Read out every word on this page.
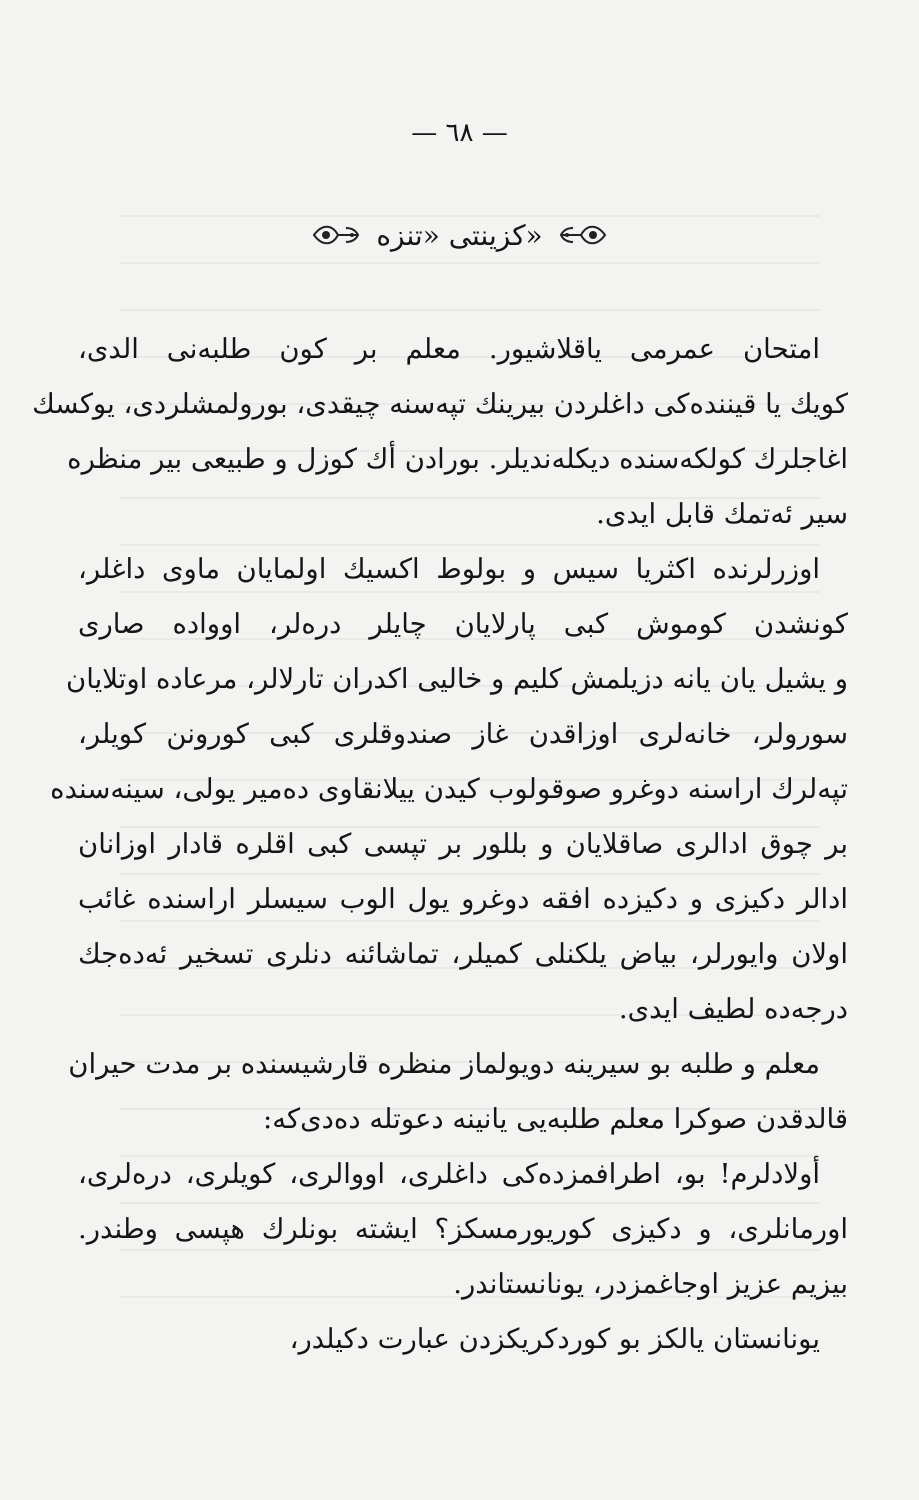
— ٦٨ —
كزينتى «تنزه»
امتحان عمرمى ياقلاشيور. معلم بر كون طلبه‌نى الدى،
كويك يا قيننده‌كى داغلردن بيرينك تپه‌سنه چيقدى، بورولمشلردى، يوكسك
اغاجلرك كولكه‌سنده ديكله‌نديلر. بورادن أك كوزل و طبيعى بير منظره
سير ئه‌تمك قابل ايدى.
اوزرلرنده اكثريا سيس و بولوط اكسيك اولمايان ماوى داغلر،
كونشدن كوموش كبى پارلايان چايلر دره‌لر، اوواده صارى
و يشيل يان يانه دزيلمش كليم و خاليى اكدران تارلالر، مرعاده اوتلايان
سورولر، خانه‌لرى اوزاقدن غاز صندوقلرى كبى كورونن كويلر،
تپه‌لرك اراسنه دوغرو صوقولوب كيدن ييلانقاوى ده‌مير يولى، سينه‌سنده
بر چوق ادالرى صاقلايان و بللور بر تپسى كبى اقلره قادار اوزانان
ادالر دكيزى و دكيزده افقه دوغرو يول الوب سيسلر اراسنده غائب
اولان وايورلر، بياض يلكنلى كميلر، تماشائنه دنلرى تسخير ئه‌ده‌جك
درجه‌ده لطيف ايدى.
معلم و طلبه بو سيرينه دويولماز منظره قارشيسنده بر مدت حيران
قالدقدن صوكرا معلم طلبه‌يى يانينه دعوتله ده‌دى‌كه:
أولادلرم! بو، اطرافمزده‌كى داغلرى، اووالرى، كويلرى، دره‌لرى،
اورمانلرى، و دكيزى كوريورمسكز؟ ايشته بونلرك هپسى وطندر.
بيزيم عزيز اوجاغمزدر، يونانستاندر.
يونانستان يالكز بو كوردكريكزدن عبارت دكيلدر،
